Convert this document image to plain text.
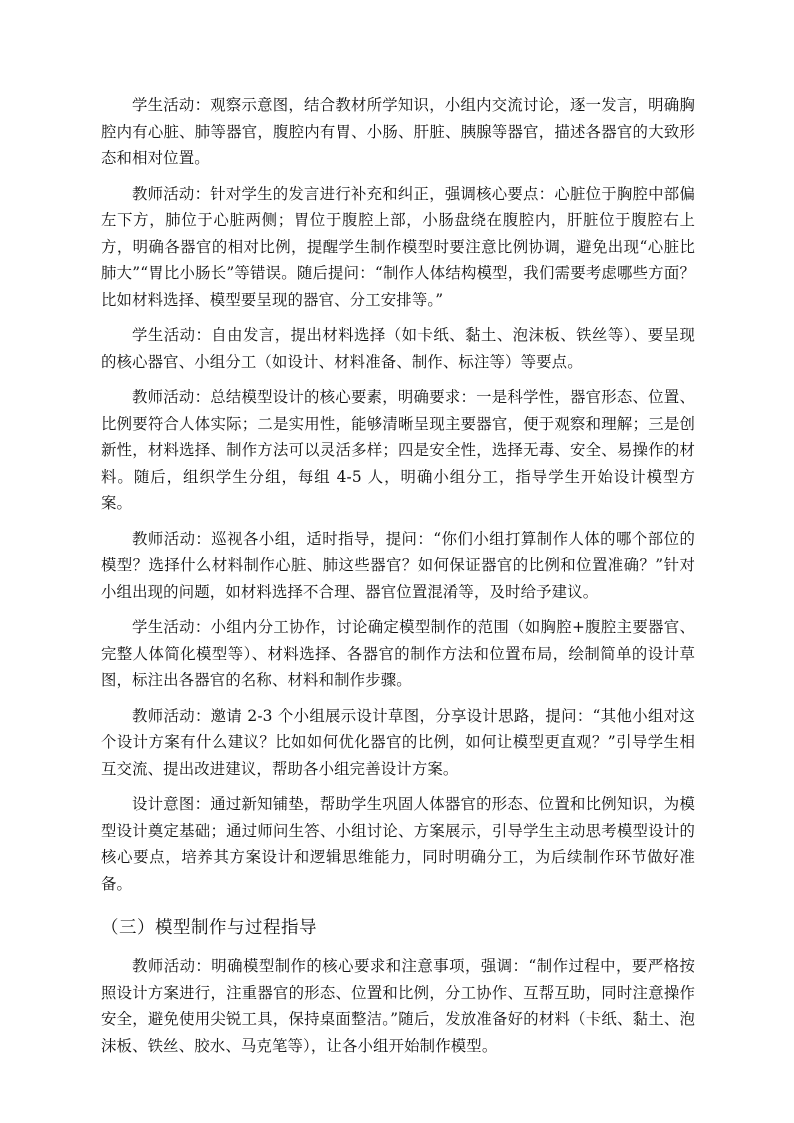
学生活动：观察示意图，结合教材所学知识，小组内交流讨论，逐一发言，明确胸腔内有心脏、肺等器官，腹腔内有胃、小肠、肝脏、胰腺等器官，描述各器官的大致形态和相对位置。

教师活动：针对学生的发言进行补充和纠正，强调核心要点：心脏位于胸腔中部偏左下方，肺位于心脏两侧；胃位于腹腔上部，小肠盘绕在腹腔内，肝脏位于腹腔右上方，明确各器官的相对比例，提醒学生制作模型时要注意比例协调，避免出现“心脏比肺大”“胃比小肠长”等错误。随后提问：“制作人体结构模型，我们需要考虑哪些方面？比如材料选择、模型要呈现的器官、分工安排等。”

学生活动：自由发言，提出材料选择（如卡纸、黏土、泡沫板、铁丝等）、要呈现的核心器官、小组分工（如设计、材料准备、制作、标注等）等要点。

教师活动：总结模型设计的核心要素，明确要求：一是科学性，器官形态、位置、比例要符合人体实际；二是实用性，能够清晰呈现主要器官，便于观察和理解；三是创新性，材料选择、制作方法可以灵活多样；四是安全性，选择无毒、安全、易操作的材料。随后，组织学生分组，每组 4-5 人，明确小组分工，指导学生开始设计模型方案。

教师活动：巡视各小组，适时指导，提问：“你们小组打算制作人体的哪个部位的模型？选择什么材料制作心脏、肺这些器官？如何保证器官的比例和位置准确？”针对小组出现的问题，如材料选择不合理、器官位置混淆等，及时给予建议。

学生活动：小组内分工协作，讨论确定模型制作的范围（如胸腔+腹腔主要器官、完整人体简化模型等）、材料选择、各器官的制作方法和位置布局，绘制简单的设计草图，标注出各器官的名称、材料和制作步骤。

教师活动：邀请 2-3 个小组展示设计草图，分享设计思路，提问：“其他小组对这个设计方案有什么建议？比如如何优化器官的比例，如何让模型更直观？”引导学生相互交流、提出改进建议，帮助各小组完善设计方案。

设计意图：通过新知铺垫，帮助学生巩固人体器官的形态、位置和比例知识，为模型设计奠定基础；通过师问生答、小组讨论、方案展示，引导学生主动思考模型设计的核心要点，培养其方案设计和逻辑思维能力，同时明确分工，为后续制作环节做好准备。

（三）模型制作与过程指导

教师活动：明确模型制作的核心要求和注意事项，强调：“制作过程中，要严格按照设计方案进行，注重器官的形态、位置和比例，分工协作、互帮互助，同时注意操作安全，避免使用尖锐工具，保持桌面整洁。”随后，发放准备好的材料（卡纸、黏土、泡沫板、铁丝、胶水、马克笔等），让各小组开始制作模型。
